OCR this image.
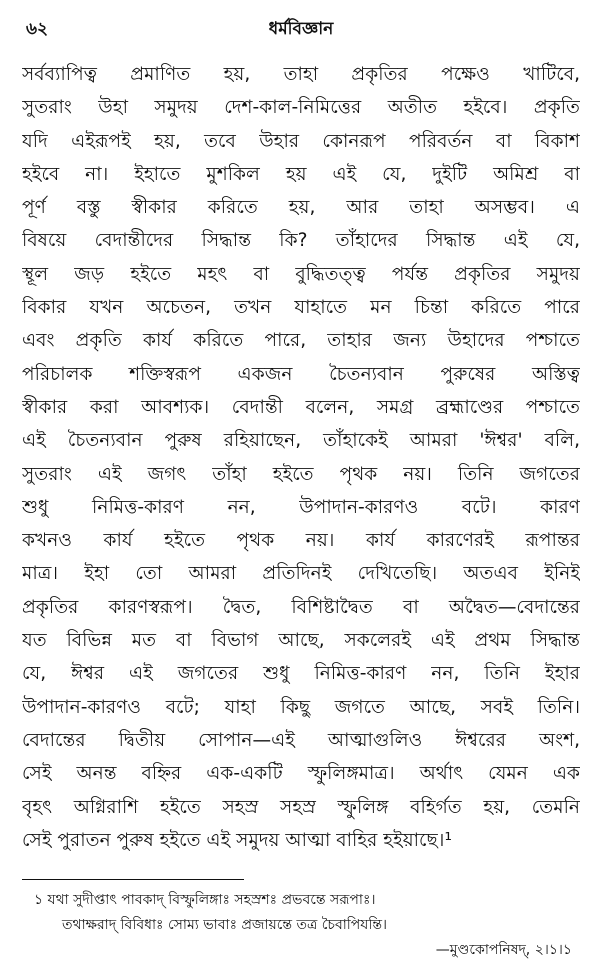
৬২	ধর্মবিজ্ঞান
সর্বব্যাপিত্ব প্রমাণিত হয়, তাহা প্রকৃতির পক্ষেও খাটিবে,
সুতরাং উহা সমুদয় দেশ-কাল-নিমিত্তের অতীত হইবে। প্রকৃতি
যদি এইরূপই হয়, তবে উহার কোনরূপ পরিবর্তন বা বিকাশ
হইবে না। ইহাতে মুশকিল হয় এই যে, দুইটি অমিশ্র বা
পূর্ণ বস্তু স্বীকার করিতে হয়, আর তাহা অসম্ভব। এ
বিষয়ে বেদান্তীদের সিদ্ধান্ত কি? তাঁহাদের সিদ্ধান্ত এই যে,
স্থূল জড় হইতে মহৎ বা বুদ্ধিতত্ত্ব পর্যন্ত প্রকৃতির সমুদয়
বিকার যখন অচেতন, তখন যাহাতে মন চিন্তা করিতে পারে
এবং প্রকৃতি কার্য করিতে পারে, তাহার জন্য উহাদের পশ্চাতে
পরিচালক শক্তিস্বরূপ একজন চৈতন্যবান পুরুষের অস্তিত্ব
স্বীকার করা আবশ্যক। বেদান্তী বলেন, সমগ্র ব্রহ্মাণ্ডের পশ্চাতে
এই চৈতন্যবান পুরুষ রহিয়াছেন, তাঁহাকেই আমরা 'ঈশ্বর' বলি,
সুতরাং এই জগৎ তাঁহা হইতে পৃথক নয়। তিনি জগতের
শুধু নিমিত্ত-কারণ নন, উপাদান-কারণও বটে। কারণ
কখনও কার্য হইতে পৃথক নয়। কার্য কারণেরই রূপান্তর
মাত্র। ইহা তো আমরা প্রতিদিনই দেখিতেছি। অতএব ইনিই
প্রকৃতির কারণস্বরূপ। দ্বৈত, বিশিষ্টাদ্বৈত বা অদ্বৈত—বেদান্তের
যত বিভিন্ন মত বা বিভাগ আছে, সকলেরই এই প্রথম সিদ্ধান্ত
যে, ঈশ্বর এই জগতের শুধু নিমিত্ত-কারণ নন, তিনি ইহার
উপাদান-কারণও বটে; যাহা কিছু জগতে আছে, সবই তিনি।
বেদান্তের দ্বিতীয় সোপান—এই আত্মাগুলিও ঈশ্বরের অংশ,
সেই অনন্ত বহ্নির এক-একটি স্ফুলিঙ্গমাত্র। অর্থাৎ যেমন এক
বৃহৎ অগ্নিরাশি হইতে সহস্র সহস্র স্ফুলিঙ্গ বহির্গত হয়, তেমনি
সেই পুরাতন পুরুষ হইতে এই সমুদয় আত্মা বাহির হইয়াছে।¹
১ যথা সুদীপ্তাৎ পাবকাদ্ বিস্ফুলিঙ্গাঃ সহস্রশঃ প্রভবন্তে সরূপাঃ।
তথাক্ষরাদ্ বিবিধাঃ সোম্য ভাবাঃ প্রজায়ন্তে তত্র চৈবাপিযন্তি।
—মুণ্ডকোপনিষদ্‌, ২।১।১
